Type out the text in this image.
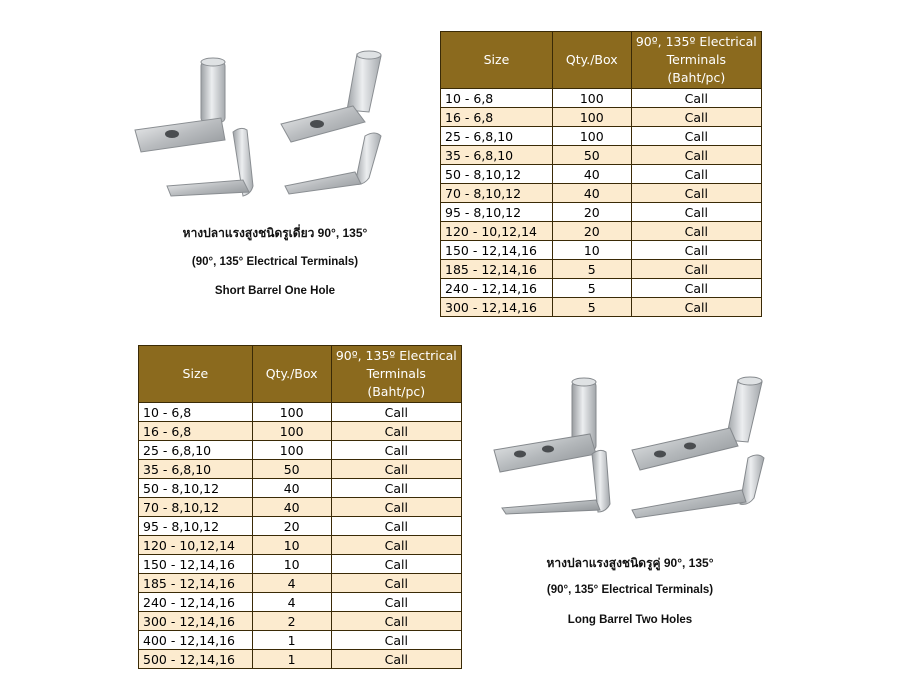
หางปลาแรงสูงชนิดรูเดี่ยว 90°, 135°
(90°, 135° Electrical Terminals)
Short Barrel One Hole
Size	Qty./Box	90º, 135º Electrical
Terminals
(Baht/pc)

10 - 6,8	100	Call
16 - 6,8	100	Call
25 - 6,8,10	100	Call
35 - 6,8,10	50	Call
50 - 8,10,12	40	Call
70 - 8,10,12	40	Call
95 - 8,10,12	20	Call
120 - 10,12,14	20	Call
150 - 12,14,16	10	Call
185 - 12,14,16	5	Call
240 - 12,14,16	5	Call
300 - 12,14,16	5	Call
Size	Qty./Box	90º, 135º Electrical
Terminals
(Baht/pc)

10 - 6,8	100	Call
16 - 6,8	100	Call
25 - 6,8,10	100	Call
35 - 6,8,10	50	Call
50 - 8,10,12	40	Call
70 - 8,10,12	40	Call
95 - 8,10,12	20	Call
120 - 10,12,14	10	Call
150 - 12,14,16	10	Call
185 - 12,14,16	4	Call
240 - 12,14,16	4	Call
300 - 12,14,16	2	Call
400 - 12,14,16	1	Call
500 - 12,14,16	1	Call
หางปลาแรงสูงชนิดรูคู่ 90°, 135°
(90°, 135° Electrical Terminals)
Long Barrel Two Holes
